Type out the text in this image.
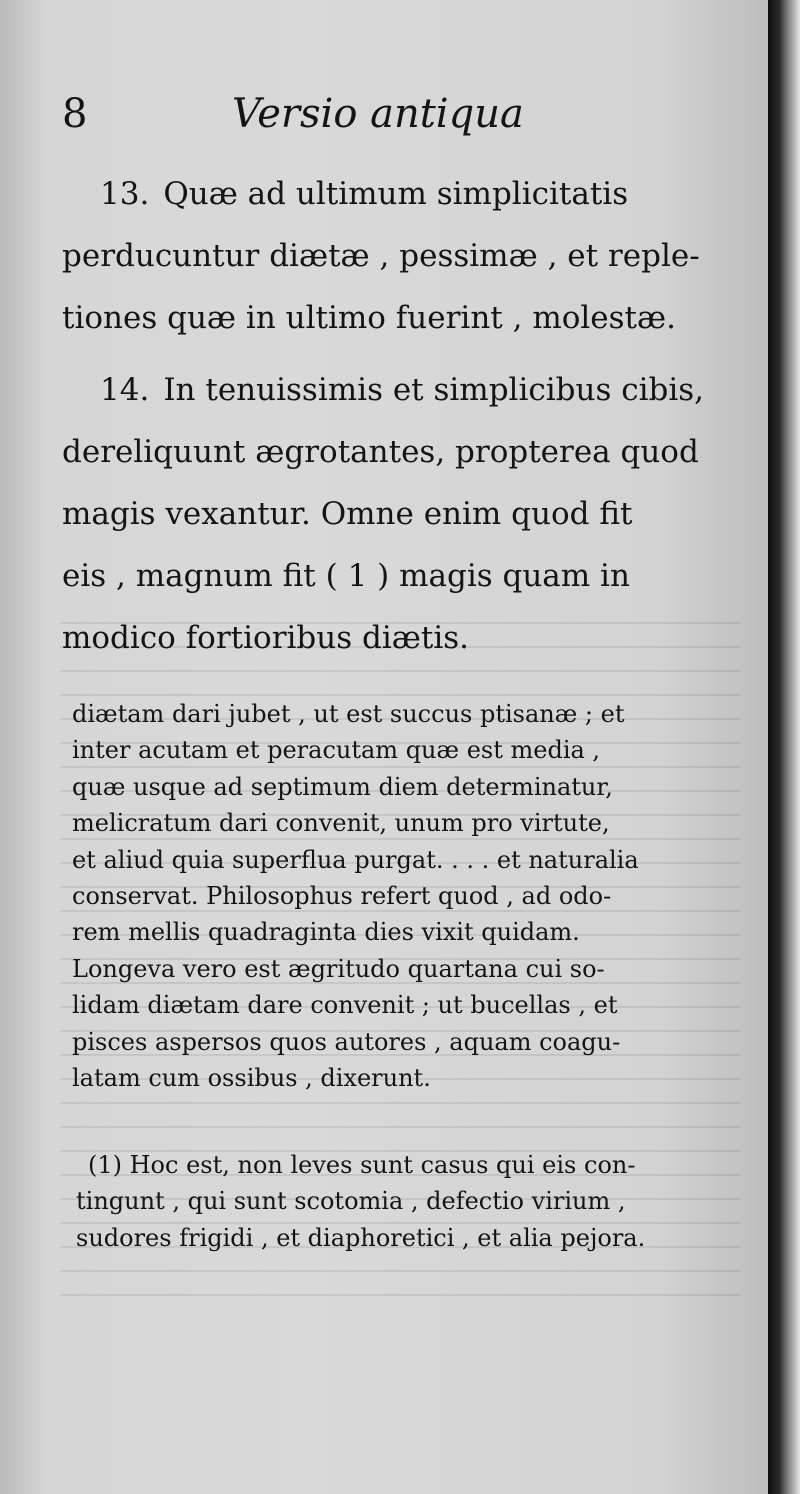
8	Versio antiqua

13. Quæ ad ultimum simplicitatis
perducuntur diætæ , pessimæ , et reple-
tiones quæ in ultimo fuerint , molestæ.

14. In tenuissimis et simplicibus cibis,
dereliquunt ægrotantes, propterea quod
magis vexantur. Omne enim quod fit
eis , magnum fit ( 1 ) magis quam in
modico fortioribus diætis.

diætam dari jubet , ut est succus ptisanæ ; et
inter acutam et peracutam quæ est media ,
quæ usque ad septimum diem determinatur,
melicratum dari convenit, unum pro virtute,
et aliud quia superflua purgat. . . . et naturalia
conservat. Philosophus refert quod , ad odo-
rem mellis quadraginta dies vixit quidam.
Longeva vero est ægritudo quartana cui so-
lidam diætam dare convenit ; ut bucellas , et
pisces aspersos quos autores , aquam coagu-
latam cum ossibus , dixerunt.

(1) Hoc est, non leves sunt casus qui eis con-
tingunt , qui sunt scotomia , defectio virium ,
sudores frigidi , et diaphoretici , et alia pejora.
